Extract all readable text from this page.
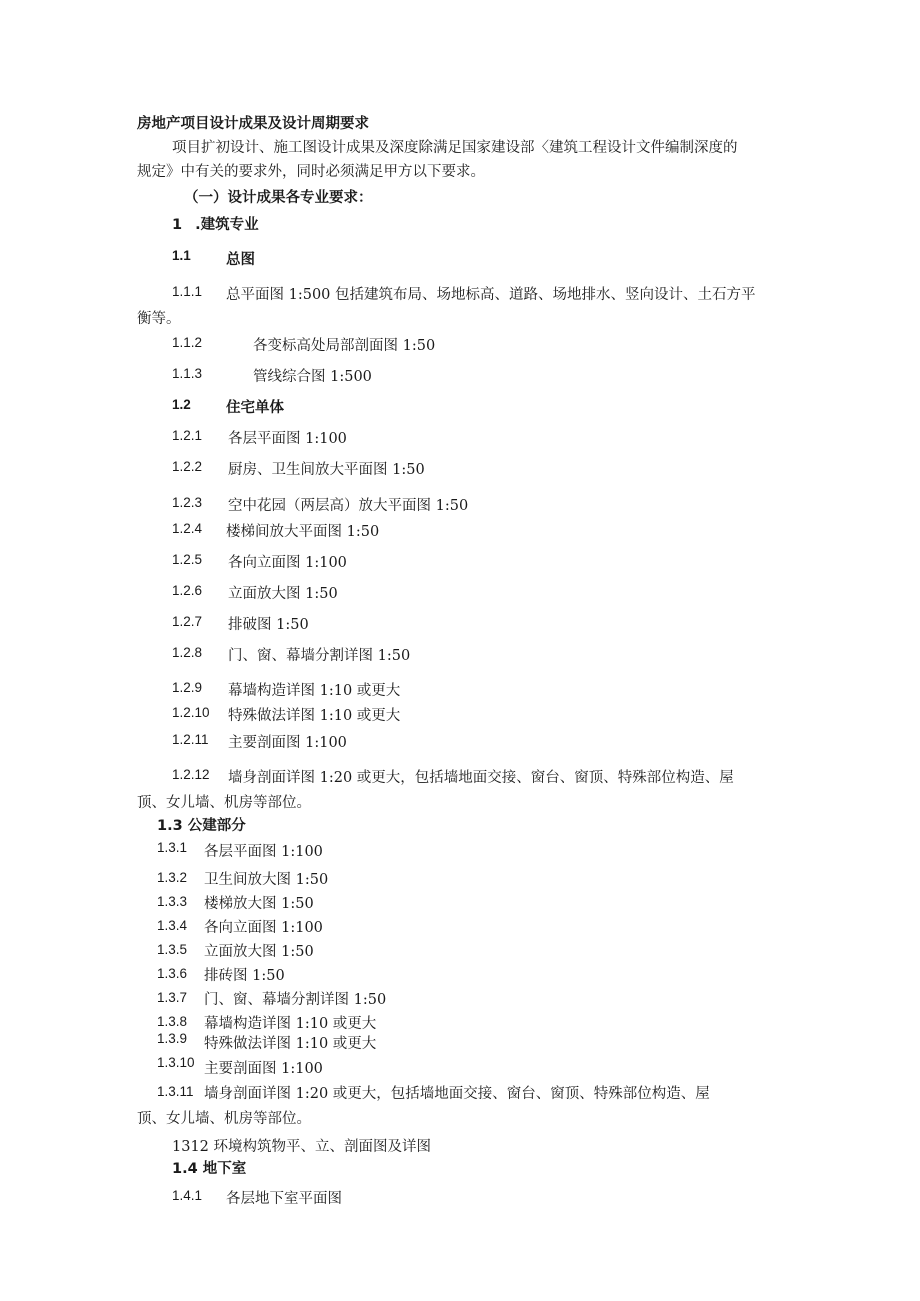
房地产项目设计成果及设计周期要求
项目扩初设计、施工图设计成果及深度除满足国家建设部〈建筑工程设计文件编制深度的
规定》中有关的要求外，同时必须满足甲方以下要求。
（一）设计成果各专业要求：
1 .建筑专业
1.1 总图
1.1.1 总平面图 1:500 包括建筑布局、场地标高、道路、场地排水、竖向设计、土石方平
衡等。
1.1.2	各变标高处局部剖面图 1:50
1.1.3	管线综合图 1:500
1.2 住宅单体
1.2.1 各层平面图 1:100
1.2.2 厨房、卫生间放大平面图 1:50
1.2.3 空中花园（两层高）放大平面图 1:50
1.2.4 楼梯间放大平面图 1:50
1.2.5 各向立面图 1:100
1.2.6 立面放大图 1:50
1.2.7 排破图 1:50
1.2.8 门、窗、幕墙分割详图 1:50
1.2.9 幕墙构造详图 1:10 或更大
1.2.10 特殊做法详图 1:10 或更大
1.2.11 主要剖面图 1:100
1.2.12 墙身剖面详图 1:20 或更大，包括墙地面交接、窗台、窗顶、特殊部位构造、屋
顶、女儿墙、机房等部位。
1.3 公建部分
1.3.1 各层平面图 1:100
1.3.2 卫生间放大图 1:50
1.3.3 楼梯放大图 1:50
1.3.4 各向立面图 1:100
1.3.5 立面放大图 1:50
1.3.6 排砖图 1:50
1.3.7 门、窗、幕墙分割详图 1:50
1.3.8 幕墙构造详图 1:10 或更大
1.3.9 特殊做法详图 1:10 或更大
1.3.10 主要剖面图 1:100
1.3.11 墙身剖面详图 1:20 或更大，包括墙地面交接、窗台、窗顶、特殊部位构造、屋
顶、女儿墙、机房等部位。
1312 环境构筑物平、立、剖面图及详图
1.4 地下室
1.4.1 各层地下室平面图
